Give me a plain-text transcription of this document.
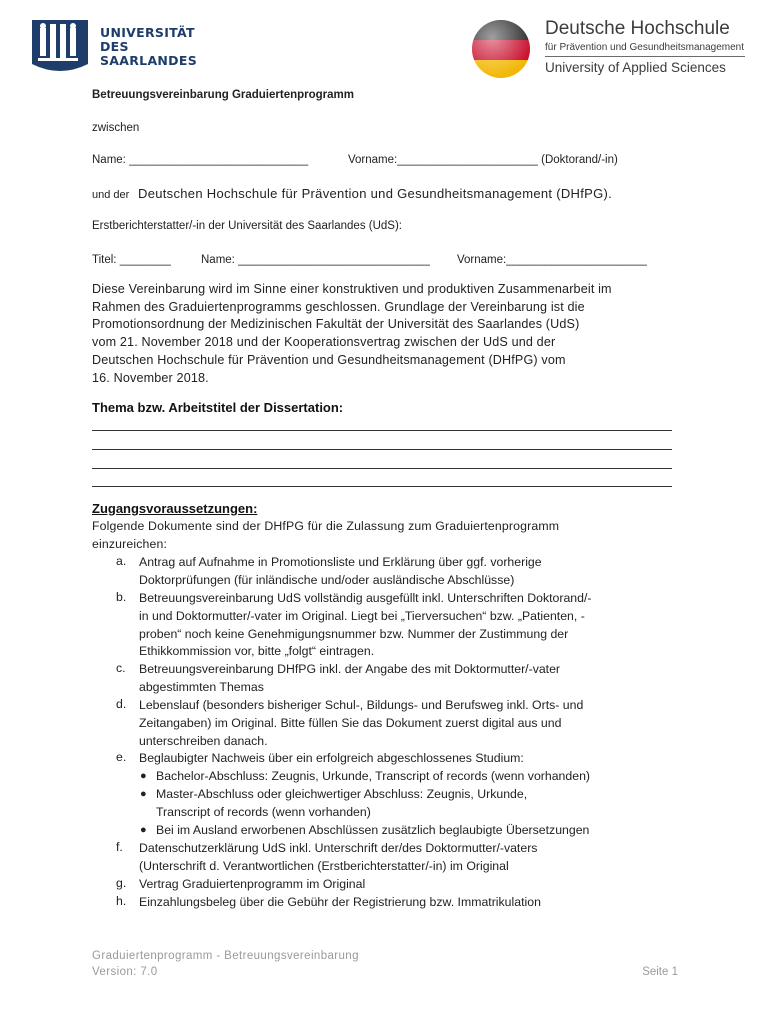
UNIVERSITÄT
DES
SAARLANDES
Deutsche Hochschule
für Prävention und Gesundheitsmanagement
University of Applied Sciences
Betreuungsvereinbarung Graduiertenprogramm
zwischen
Name: ____________________________	Vorname:______________________ (Doktorand/-in)
und der Deutschen Hochschule für Prävention und Gesundheitsmanagement (DHfPG).
Erstberichterstatter/-in der Universität des Saarlandes (UdS):
Titel: ________	Name: ______________________________ Vorname:______________________
Diese Vereinbarung wird im Sinne einer konstruktiven und produktiven Zusammenarbeit im
Rahmen des Graduiertenprogramms geschlossen. Grundlage der Vereinbarung ist die
Promotionsordnung der Medizinischen Fakultät der Universität des Saarlandes (UdS)
vom 21. November 2018 und der Kooperationsvertrag zwischen der UdS und der
Deutschen Hochschule für Prävention und Gesundheitsmanagement (DHfPG) vom
16. November 2018.
Thema bzw. Arbeitstitel der Dissertation:
Zugangsvoraussetzungen:
Folgende Dokumente sind der DHfPG für die Zulassung zum Graduiertenprogramm
einzureichen:
a. Antrag auf Aufnahme in Promotionsliste und Erklärung über ggf. vorherige
Doktorprüfungen (für inländische und/oder ausländische Abschlüsse)
b. Betreuungsvereinbarung UdS vollständig ausgefüllt inkl. Unterschriften Doktorand/-
in und Doktormutter/-vater im Original. Liegt bei „Tierversuchen“ bzw. „Patienten, -
proben“ noch keine Genehmigungsnummer bzw. Nummer der Zustimmung der
Ethikkommission vor, bitte „folgt“ eintragen.
c. Betreuungsvereinbarung DHfPG inkl. der Angabe des mit Doktormutter/-vater
abgestimmten Themas
d. Lebenslauf (besonders bisheriger Schul-, Bildungs- und Berufsweg inkl. Orts- und
Zeitangaben) im Original. Bitte füllen Sie das Dokument zuerst digital aus und
unterschreiben danach.
e. Beglaubigter Nachweis über ein erfolgreich abgeschlossenes Studium:
● Bachelor-Abschluss: Zeugnis, Urkunde, Transcript of records (wenn vorhanden)
● Master-Abschluss oder gleichwertiger Abschluss: Zeugnis, Urkunde,
Transcript of records (wenn vorhanden)
● Bei im Ausland erworbenen Abschlüssen zusätzlich beglaubigte Übersetzungen
f. Datenschutzerklärung UdS inkl. Unterschrift der/des Doktormutter/-vaters
(Unterschrift d. Verantwortlichen (Erstberichterstatter/-in) im Original
g. Vertrag Graduiertenprogramm im Original
h. Einzahlungsbeleg über die Gebühr der Registrierung bzw. Immatrikulation
Graduiertenprogramm - Betreuungsvereinbarung
Version: 7.0	Seite 1
